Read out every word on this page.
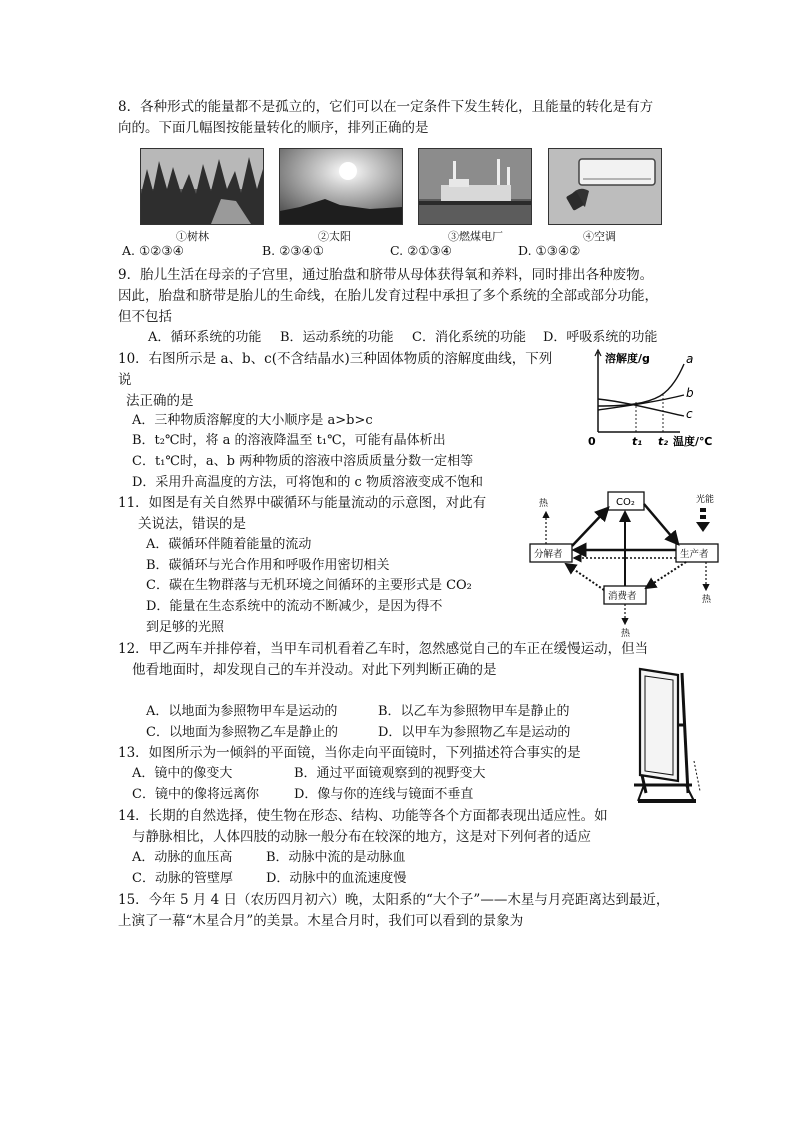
8．各种形式的能量都不是孤立的，它们可以在一定条件下发生转化，且能量的转化是有方
向的。下面几幅图按能量转化的顺序，排列正确的是
①树林	②太阳	③燃煤电厂	④空调
A. ①②③④	B. ②③④①	C. ②①③④	D. ①③④②
9．胎儿生活在母亲的子宫里，通过胎盘和脐带从母体获得氧和养料，同时排出各种废物。
因此，胎盘和脐带是胎儿的生命线，在胎儿发育过程中承担了多个系统的全部或部分功能，
但不包括
A．循环系统的功能 B．运动系统的功能 C．消化系统的功能 D．呼吸系统的功能
10．右图所示是 a、b、c(不含结晶水)三种固体物质的溶解度曲线，下列
说
法正确的是
A．三种物质溶解度的大小顺序是 a>b>c
B．t₂℃时，将 a 的溶液降温至 t₁℃，可能有晶体析出
C．t₁℃时，a、b 两种物质的溶液中溶质质量分数一定相等
D．采用升高温度的方法，可将饱和的 c 物质溶液变成不饱和
溶解度/g
0	t₁ t₂ 温度/℃
a
b
c
11．如图是有关自然界中碳循环与能量流动的示意图，对此有
关说法，错误的是
A．碳循环伴随着能量的流动
B．碳循环与光合作用和呼吸作用密切相关
C．碳在生物群落与无机环境之间循环的主要形式是 CO₂
D．能量在生态系统中的流动不断减少，是因为得不
到足够的光照
CO₂
分解者	生产者
消费者
热
热
热
光能
12．甲乙两车并排停着，当甲车司机看着乙车时，忽然感觉自己的车正在缓慢运动，但当
他看地面时，却发现自己的车并没动。对此下列判断正确的是
A．以地面为参照物甲车是运动的	B．以乙车为参照物甲车是静止的
C．以地面为参照物乙车是静止的	D．以甲车为参照物乙车是运动的
13．如图所示为一倾斜的平面镜，当你走向平面镜时，下列描述符合事实的是
A．镜中的像变大	B．通过平面镜观察到的视野变大
C．镜中的像将远离你	D．像与你的连线与镜面不垂直
14．长期的自然选择，使生物在形态、结构、功能等各个方面都表现出适应性。如
与静脉相比，人体四肢的动脉一般分布在较深的地方，这是对下列何者的适应
A．动脉的血压高	B．动脉中流的是动脉血
C．动脉的管壁厚	D．动脉中的血流速度慢
15．今年 5 月 4 日（农历四月初六）晚，太阳系的“大个子”——木星与月亮距离达到最近，
上演了一幕“木星合月”的美景。木星合月时，我们可以看到的景象为
